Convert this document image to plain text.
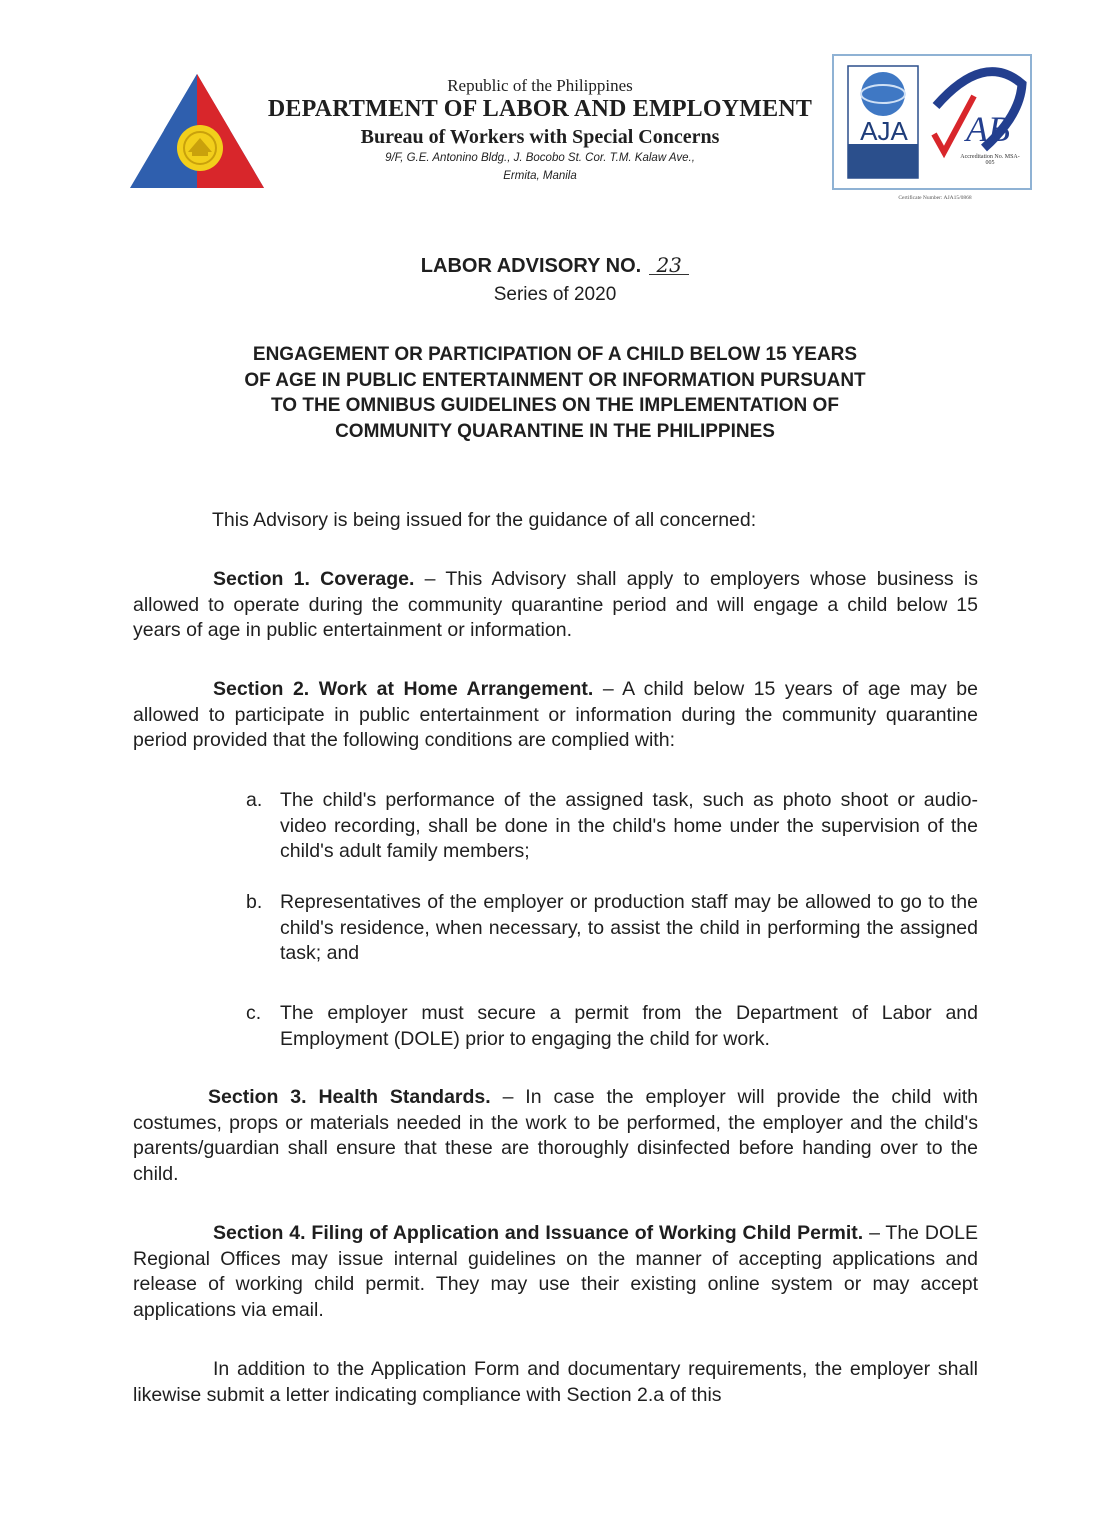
Republic of the Philippines
DEPARTMENT OF LABOR AND EMPLOYMENT
Bureau of Workers with Special Concerns
9/F, G.E. Antonino Bldg., J. Bocobo St. Cor. T.M. Kalaw Ave.,
Ermita, Manila
AJA AB
Accreditation No. MSA-005
Certificate Number: AJA15/0868
LABOR ADVISORY NO. 23
Series of 2020
ENGAGEMENT OR PARTICIPATION OF A CHILD BELOW 15 YEARS
OF AGE IN PUBLIC ENTERTAINMENT OR INFORMATION PURSUANT
TO THE OMNIBUS GUIDELINES ON THE IMPLEMENTATION OF
COMMUNITY QUARANTINE IN THE PHILIPPINES
This Advisory is being issued for the guidance of all concerned:
Section 1. Coverage. – This Advisory shall apply to employers whose business is allowed to operate during the community quarantine period and will engage a child below 15 years of age in public entertainment or information.
Section 2. Work at Home Arrangement. – A child below 15 years of age may be allowed to participate in public entertainment or information during the community quarantine period provided that the following conditions are complied with:
a. The child's performance of the assigned task, such as photo shoot or audio-video recording, shall be done in the child's home under the supervision of the child's adult family members;
b. Representatives of the employer or production staff may be allowed to go to the child's residence, when necessary, to assist the child in performing the assigned task; and
c. The employer must secure a permit from the Department of Labor and Employment (DOLE) prior to engaging the child for work.
Section 3. Health Standards. – In case the employer will provide the child with costumes, props or materials needed in the work to be performed, the employer and the child's parents/guardian shall ensure that these are thoroughly disinfected before handing over to the child.
Section 4. Filing of Application and Issuance of Working Child Permit. – The DOLE Regional Offices may issue internal guidelines on the manner of accepting applications and release of working child permit. They may use their existing online system or may accept applications via email.
In addition to the Application Form and documentary requirements, the employer shall likewise submit a letter indicating compliance with Section 2.a of this
